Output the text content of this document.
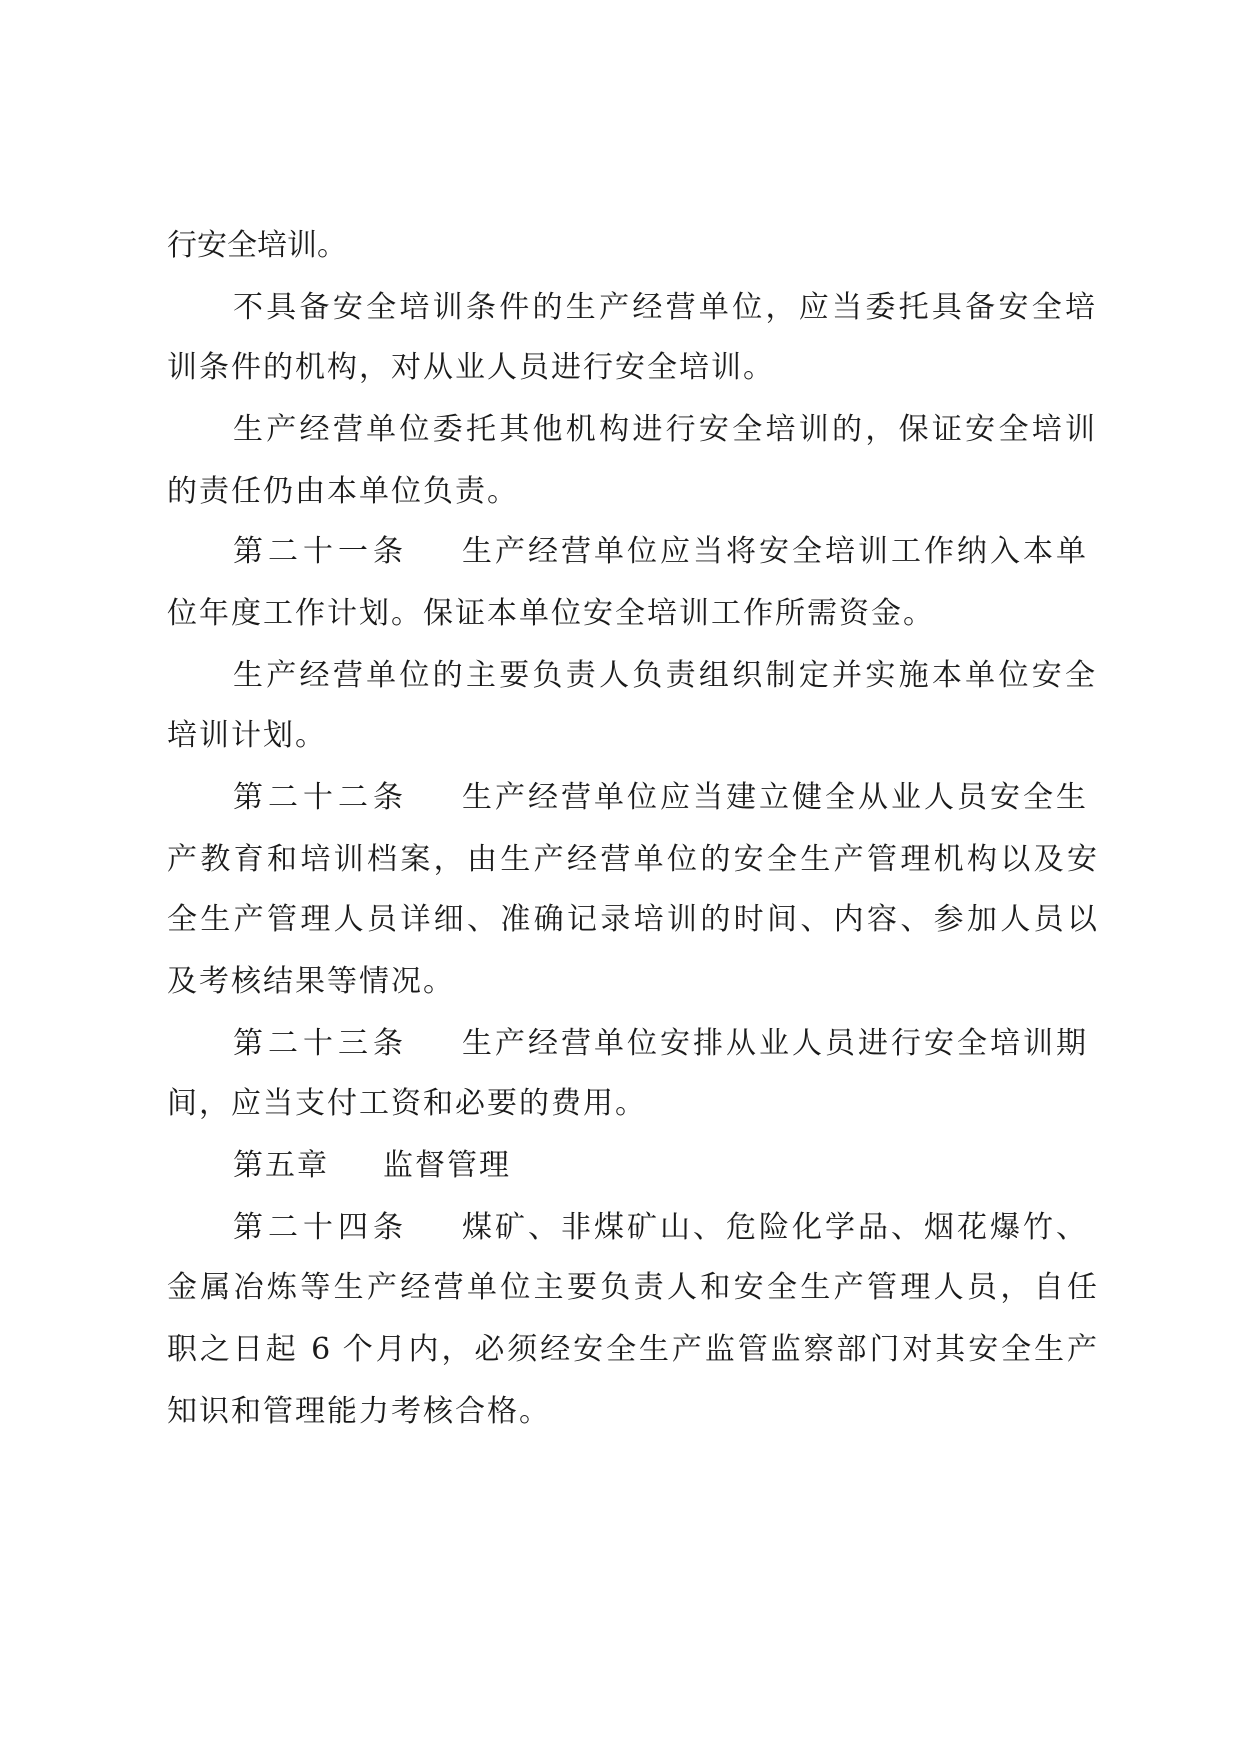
行安全培训。
不具备安全培训条件的生产经营单位，应当委托具备安全培
训条件的机构，对从业人员进行安全培训。
生产经营单位委托其他机构进行安全培训的，保证安全培训
的责任仍由本单位负责。
第二十一条 生产经营单位应当将安全培训工作纳入本单
位年度工作计划。保证本单位安全培训工作所需资金。
生产经营单位的主要负责人负责组织制定并实施本单位安全
培训计划。
第二十二条 生产经营单位应当建立健全从业人员安全生
产教育和培训档案，由生产经营单位的安全生产管理机构以及安
全生产管理人员详细、准确记录培训的时间、内容、参加人员以
及考核结果等情况。
第二十三条 生产经营单位安排从业人员进行安全培训期
间，应当支付工资和必要的费用。
第五章 监督管理
第二十四条 煤矿、非煤矿山、危险化学品、烟花爆竹、
金属冶炼等生产经营单位主要负责人和安全生产管理人员，自任
职之日起 6 个月内，必须经安全生产监管监察部门对其安全生产
知识和管理能力考核合格。
